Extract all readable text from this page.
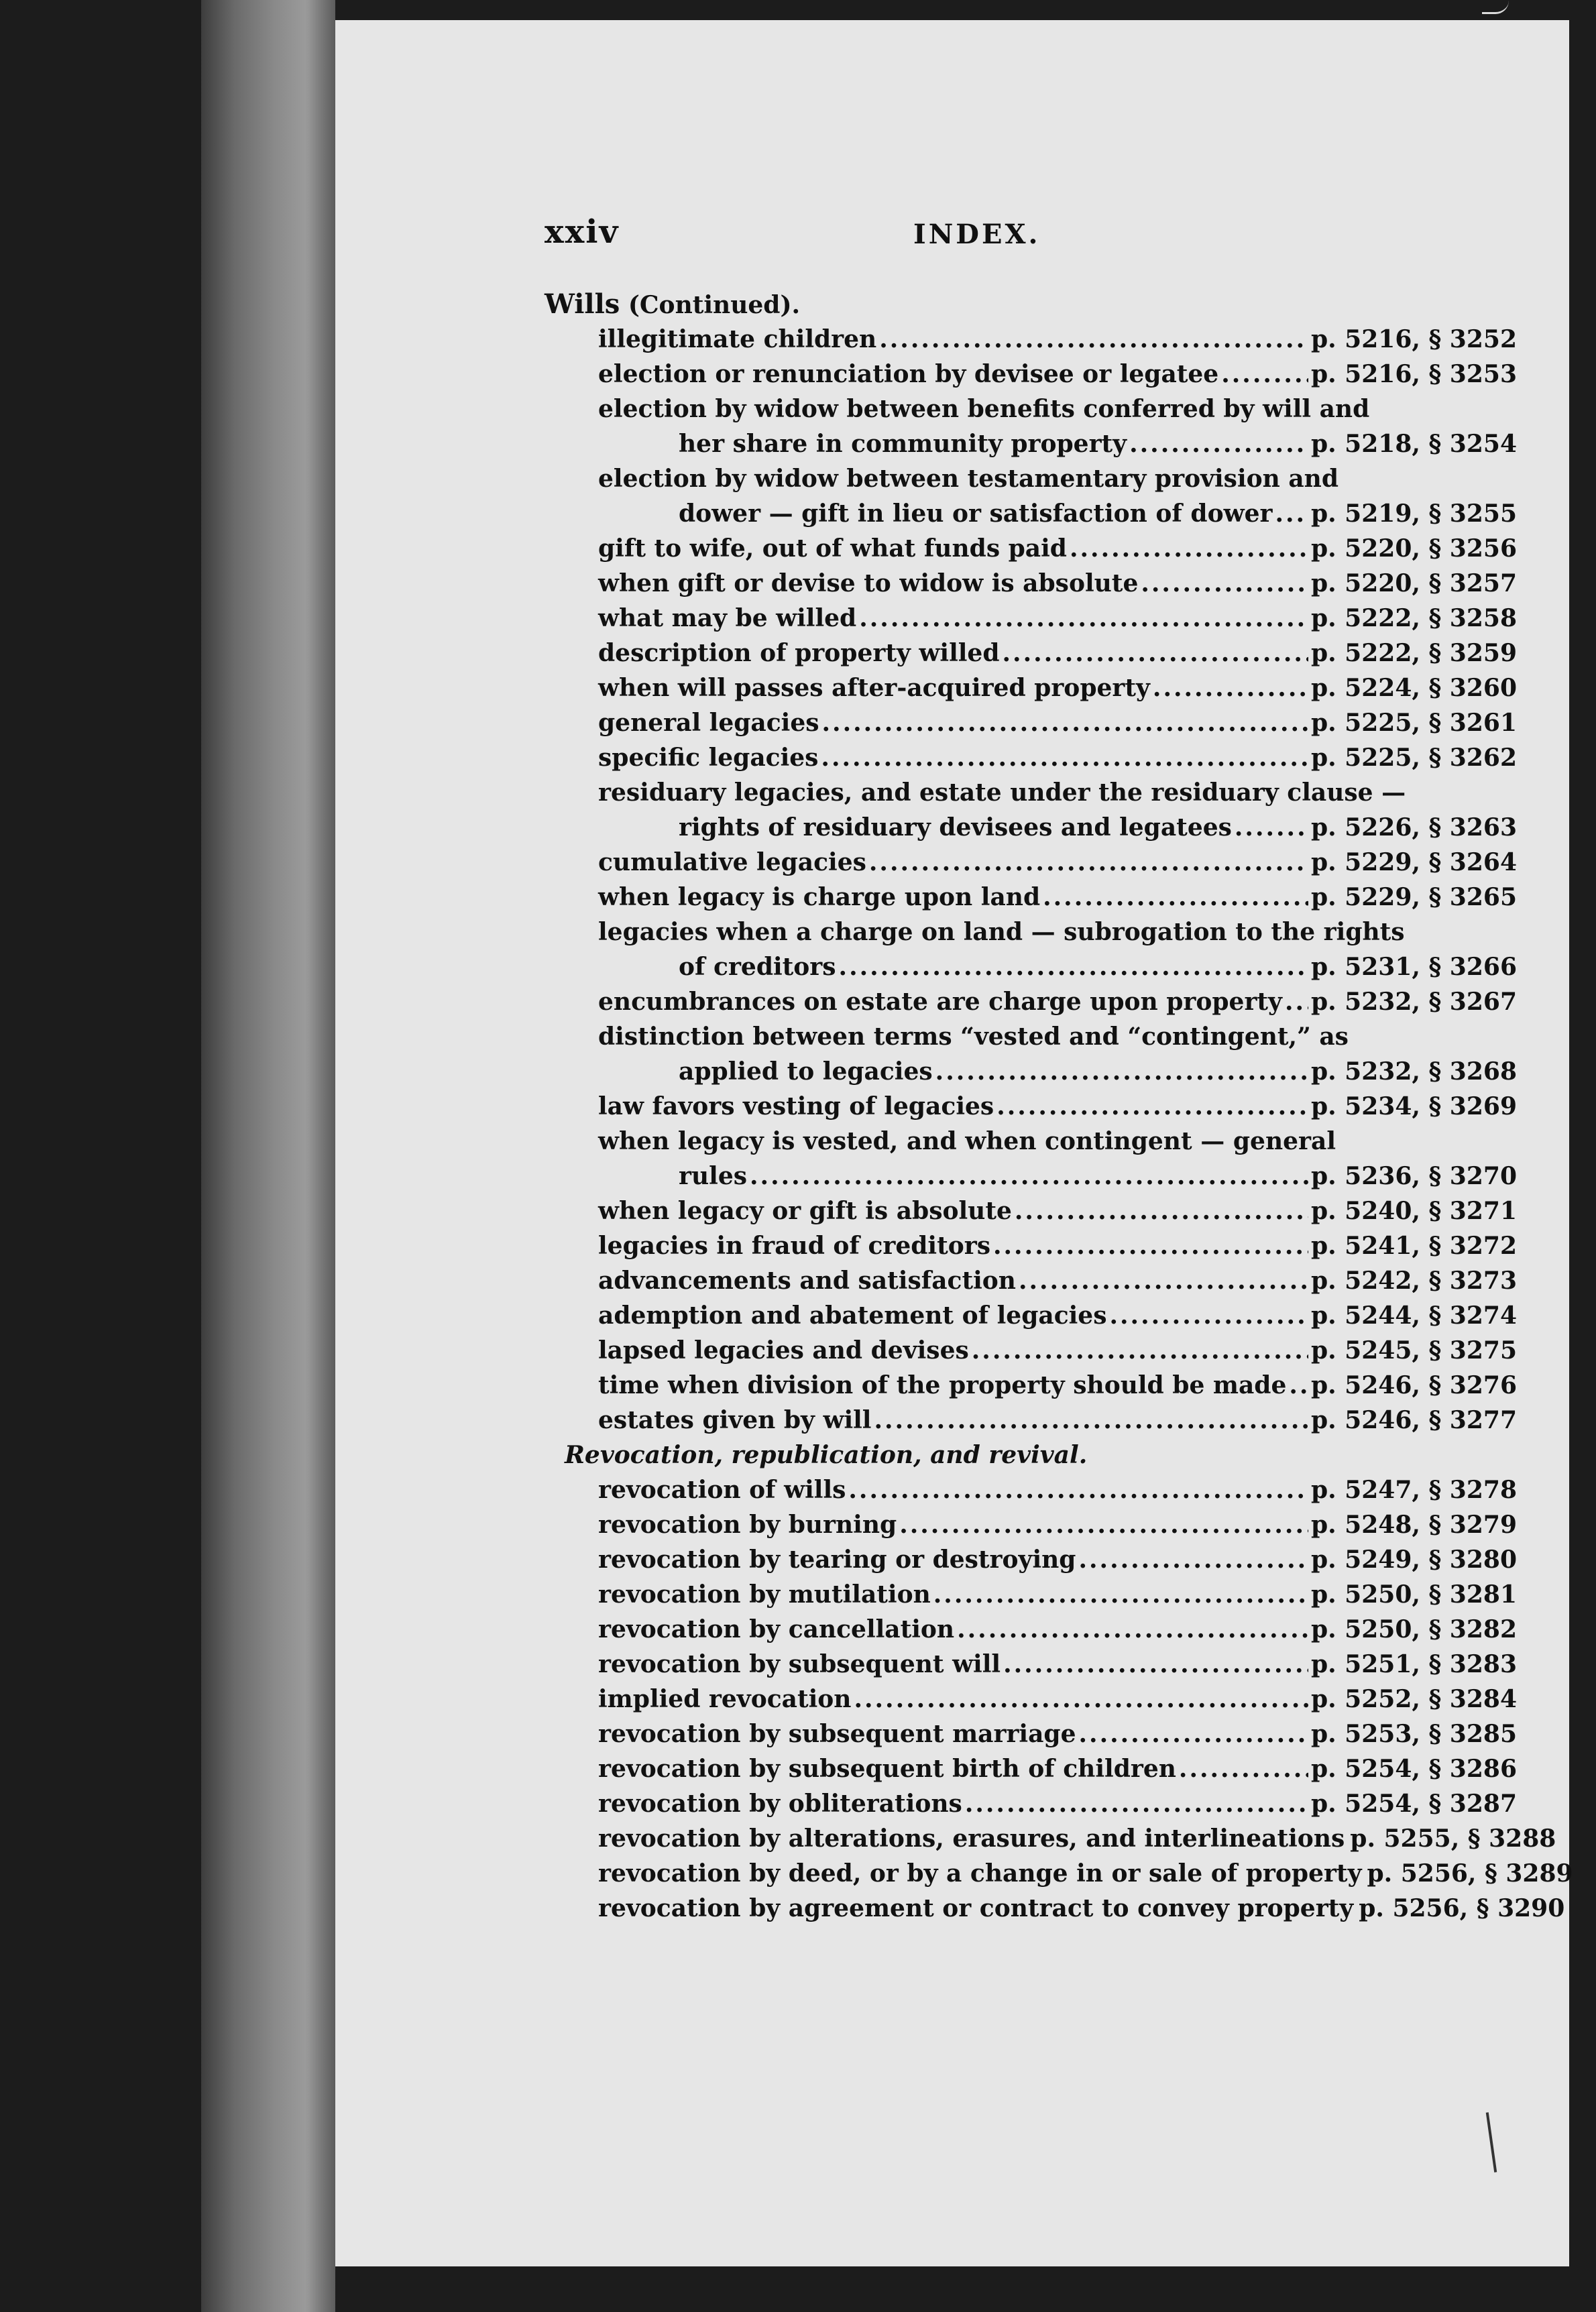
xxiv	INDEX.
Wills (Continued).
illegitimate children .....	p. 5216, § 3252
election or renunciation by devisee or legatee .....	p. 5216, § 3253
election by widow between benefits conferred by will and
her share in community property .....	p. 5218, § 3254
election by widow between testamentary provision and
dower — gift in lieu or satisfaction of dower ..... p. 5219, § 3255
gift to wife, out of what funds paid .....	p. 5220, § 3256
when gift or devise to widow is absolute .....	p. 5220, § 3257
what may be willed .....	p. 5222, § 3258
description of property willed .....	p. 5222, § 3259
when will passes after-acquired property .....	p. 5224, § 3260
general legacies .....	p. 5225, § 3261
specific legacies .....	p. 5225, § 3262
residuary legacies, and estate under the residuary clause —
rights of residuary devisees and legatees .....	p. 5226, § 3263
cumulative legacies .....	p. 5229, § 3264
when legacy is charge upon land .....	p. 5229, § 3265
legacies when a charge on land — subrogation to the rights
of creditors .....	p. 5231, § 3266
encumbrances on estate are charge upon property ..... p. 5232, § 3267
distinction between terms “vested and “contingent,” as
applied to legacies .....	p. 5232, § 3268
law favors vesting of legacies .....	p. 5234, § 3269
when legacy is vested, and when contingent — general
rules .....	p. 5236, § 3270
when legacy or gift is absolute .....	p. 5240, § 3271
legacies in fraud of creditors .....	p. 5241, § 3272
advancements and satisfaction .....	p. 5242, § 3273
ademption and abatement of legacies .....	p. 5244, § 3274
lapsed legacies and devises .....	p. 5245, § 3275
time when division of the property should be made ..... p. 5246, § 3276
estates given by will .....	p. 5246, § 3277
Revocation, republication, and revival.
revocation of wills .....	p. 5247, § 3278
revocation by burning .....	p. 5248, § 3279
revocation by tearing or destroying .....	p. 5249, § 3280
revocation by mutilation .....	p. 5250, § 3281
revocation by cancellation .....	p. 5250, § 3282
revocation by subsequent will .....	p. 5251, § 3283
implied revocation .....	p. 5252, § 3284
revocation by subsequent marriage .....	p. 5253, § 3285
revocation by subsequent birth of children .....	p. 5254, § 3286
revocation by obliterations .....	p. 5254, § 3287
revocation by alterations, erasures, and interlineations p. 5255, § 3288
revocation by deed, or by a change in or sale of property p. 5256, § 3289
revocation by agreement or contract to convey property p. 5256, § 3290
